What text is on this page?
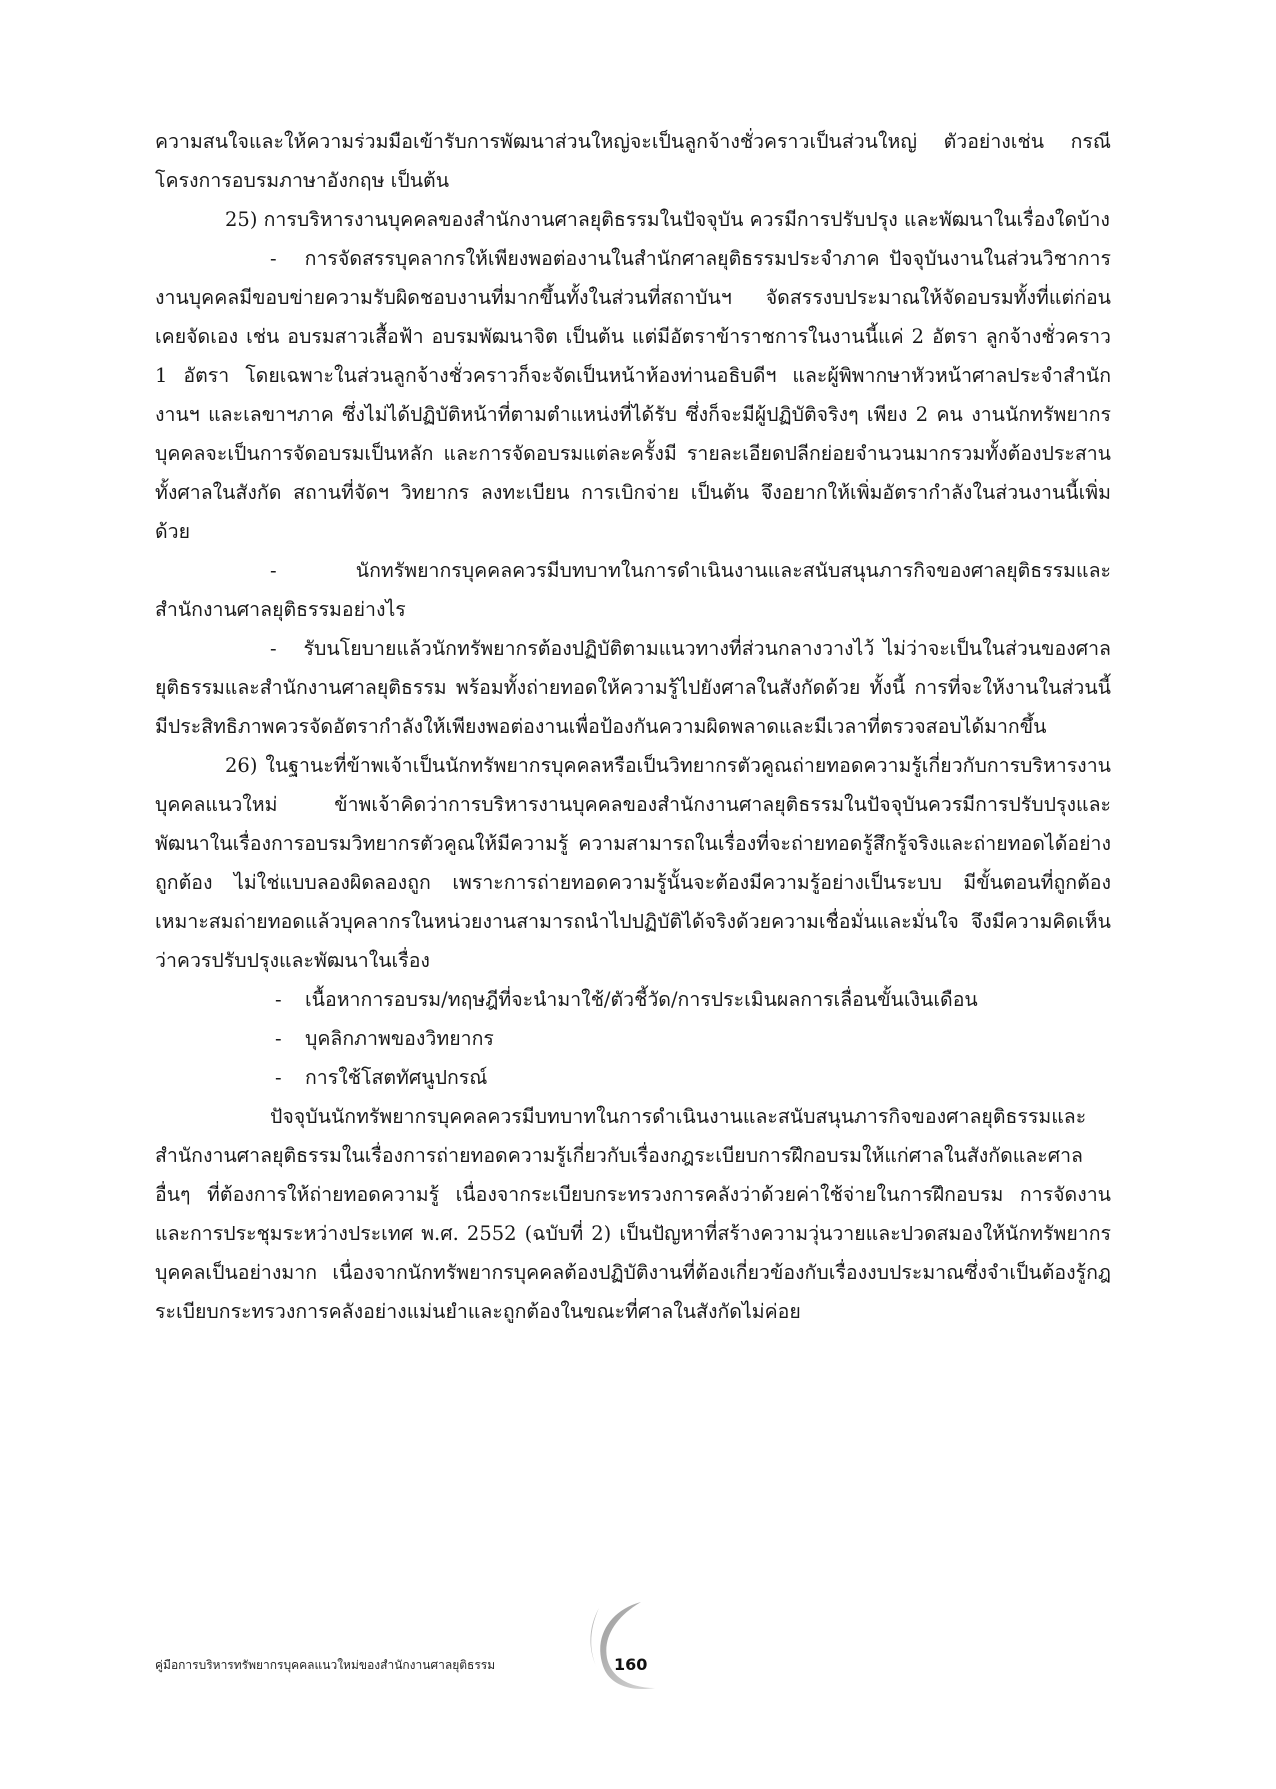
ความสนใจและให้ความร่วมมือเข้ารับการพัฒนาส่วนใหญ่จะเป็นลูกจ้างชั่วคราวเป็นส่วนใหญ่ ตัวอย่างเช่น กรณีโครงการอบรมภาษาอังกฤษ เป็นต้น

25) การบริหารงานบุคคลของสำนักงานศาลยุติธรรมในปัจจุบัน ควรมีการปรับปรุง และพัฒนาในเรื่องใดบ้าง

- การจัดสรรบุคลากรให้เพียงพอต่องานในสำนักศาลยุติธรรมประจำภาค ปัจจุบันงานในส่วนวิชาการงานบุคคลมีขอบข่ายความรับผิดชอบงานที่มากขึ้นทั้งในส่วนที่สถาบันฯ จัดสรรงบประมาณให้จัดอบรมทั้งที่แต่ก่อนเคยจัดเอง เช่น อบรมสาวเสื้อฟ้า อบรมพัฒนาจิต เป็นต้น แต่มีอัตราข้าราชการในงานนี้แค่ 2 อัตรา ลูกจ้างชั่วคราว 1 อัตรา โดยเฉพาะในส่วนลูกจ้างชั่วคราวก็จะจัดเป็นหน้าห้องท่านอธิบดีฯ และผู้พิพากษาหัวหน้าศาลประจำสำนักงานฯ และเลขาฯภาค ซึ่งไม่ได้ปฏิบัติหน้าที่ตามตำแหน่งที่ได้รับ ซึ่งก็จะมีผู้ปฏิบัติจริงๆ เพียง 2 คน งานนักทรัพยากรบุคคลจะเป็นการจัดอบรมเป็นหลัก และการจัดอบรมแต่ละครั้งมี รายละเอียดปลีกย่อยจำนวนมากรวมทั้งต้องประสานทั้งศาลในสังกัด สถานที่จัดฯ วิทยากร ลงทะเบียน การเบิกจ่าย เป็นต้น จึงอยากให้เพิ่มอัตรากำลังในส่วนงานนี้เพิ่มด้วย

-	นักทรัพยากรบุคคลควรมีบทบาทในการดำเนินงานและสนับสนุนภารกิจของศาลยุติธรรมและสำนักงานศาลยุติธรรมอย่างไร

- รับนโยบายแล้วนักทรัพยากรต้องปฏิบัติตามแนวทางที่ส่วนกลางวางไว้ ไม่ว่าจะเป็นในส่วนของศาลยุติธรรมและสำนักงานศาลยุติธรรม พร้อมทั้งถ่ายทอดให้ความรู้ไปยังศาลในสังกัดด้วย ทั้งนี้ การที่จะให้งานในส่วนนี้มีประสิทธิภาพควรจัดอัตรากำลังให้เพียงพอต่องานเพื่อป้องกันความผิดพลาดและมีเวลาที่ตรวจสอบได้มากขึ้น

26) ในฐานะที่ข้าพเจ้าเป็นนักทรัพยากรบุคคลหรือเป็นวิทยากรตัวคูณถ่ายทอดความรู้เกี่ยวกับการบริหารงานบุคคลแนวใหม่ ข้าพเจ้าคิดว่าการบริหารงานบุคคลของสำนักงานศาลยุติธรรมในปัจจุบันควรมีการปรับปรุงและพัฒนาในเรื่องการอบรมวิทยากรตัวคูณให้มีความรู้ ความสามารถในเรื่องที่จะถ่ายทอดรู้สึกรู้จริงและถ่ายทอดได้อย่างถูกต้อง ไม่ใช่แบบลองผิดลองถูก เพราะการถ่ายทอดความรู้นั้นจะต้องมีความรู้อย่างเป็นระบบ มีขั้นตอนที่ถูกต้องเหมาะสมถ่ายทอดแล้วบุคลากรในหน่วยงานสามารถนำไปปฏิบัติได้จริงด้วยความเชื่อมั่นและมั่นใจ จึงมีความคิดเห็นว่าควรปรับปรุงและพัฒนาในเรื่อง

- เนื้อหาการอบรม/ทฤษฎีที่จะนำมาใช้/ตัวชี้วัด/การประเมินผลการเลื่อนขั้นเงินเดือน

- บุคลิกภาพของวิทยากร

- การใช้โสตทัศนูปกรณ์

ปัจจุบันนักทรัพยากรบุคคลควรมีบทบาทในการดำเนินงานและสนับสนุนภารกิจของศาลยุติธรรมและสำนักงานศาลยุติธรรมในเรื่องการถ่ายทอดความรู้เกี่ยวกับเรื่องกฎระเบียบการฝึกอบรมให้แก่ศาลในสังกัดและศาลอื่นๆ ที่ต้องการให้ถ่ายทอดความรู้ เนื่องจากระเบียบกระทรวงการคลังว่าด้วยค่าใช้จ่ายในการฝึกอบรม การจัดงานและการประชุมระหว่างประเทศ พ.ศ. 2552 (ฉบับที่ 2) เป็นปัญหาที่สร้างความวุ่นวายและปวดสมองให้นักทรัพยากรบุคคลเป็นอย่างมาก เนื่องจากนักทรัพยากรบุคคลต้องปฏิบัติงานที่ต้องเกี่ยวข้องกับเรื่องงบประมาณซึ่งจำเป็นต้องรู้กฎระเบียบกระทรวงการคลังอย่างแม่นยำและถูกต้องในขณะที่ศาลในสังกัดไม่ค่อย

คู่มือการบริหารทรัพยากรบุคคลแนวใหม่ของสำนักงานศาลยุติธรรม	160
